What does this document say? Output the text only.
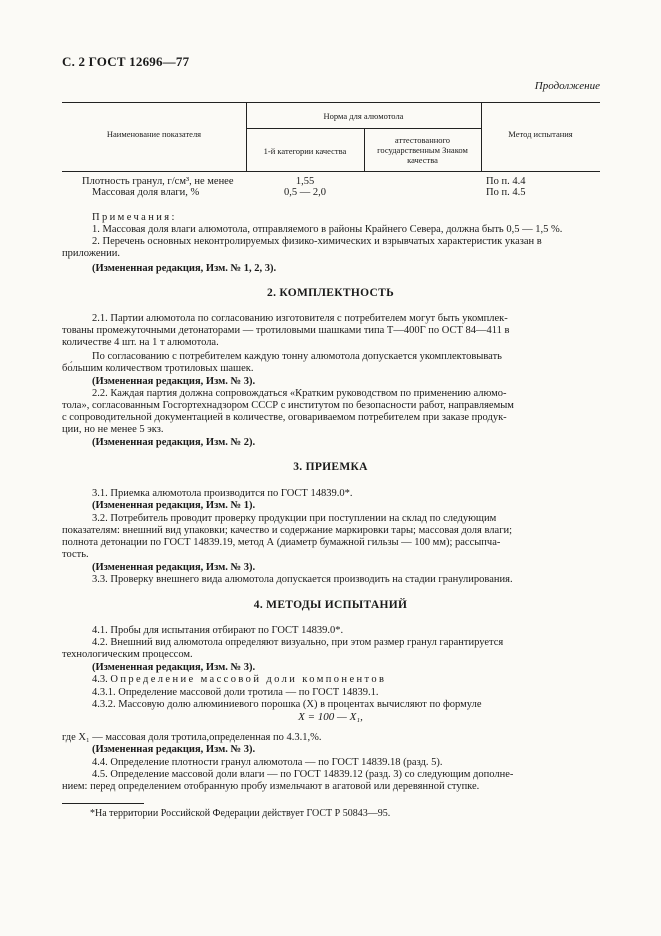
С. 2 ГОСТ 12696—77
Продолжение
Наименование показателя
Норма для алюмотола
1-й категории качества
аттестованного
государственным Знаком
качества
Метод испытания
Плотность гранул, г/см³, не менее	1,55	По п. 4.4
Массовая доля влаги, %	0,5 — 2,0	По п. 4.5
Примечания:
1. Массовая доля влаги алюмотола, отправляемого в районы Крайнего Севера, должна быть 0,5 — 1,5 %.
2. Перечень основных неконтролируемых физико-химических и взрывчатых характеристик указан в
приложении.
(Измененная редакция, Изм. № 1, 2, 3).
2. КОМПЛЕКТНОСТЬ
2.1. Партии алюмотола по согласованию изготовителя с потребителем могут быть укомплек-
тованы промежуточными детонаторами — тротиловыми шашками типа Т—400Г по ОСТ 84—411 в
количестве 4 шт. на 1 т алюмотола.
По согласованию с потребителем каждую тонну алюмотола допускается укомплектовывать
бо́льшим количеством тротиловых шашек.
(Измененная редакция, Изм. № 3).
2.2. Каждая партия должна сопровождаться «Кратким руководством по применению алюмо-
тола», согласованным Госгортехнадзором СССР с институтом по безопасности работ, направляемым
с сопроводительной документацией в количестве, оговариваемом потребителем при заказе продук-
ции, но не менее 5 экз.
(Измененная редакция, Изм. № 2).
3. ПРИЕМКА
3.1. Приемка алюмотола производится по ГОСТ 14839.0*.
(Измененная редакция, Изм. № 1).
3.2. Потребитель проводит проверку продукции при поступлении на склад по следующим
показателям: внешний вид упаковки; качество и содержание маркировки тары; массовая доля влаги;
полнота детонации по ГОСТ 14839.19, метод А (диаметр бумажной гильзы — 100 мм); рассыпча-
тость.
(Измененная редакция, Изм. № 3).
3.3. Проверку внешнего вида алюмотола допускается производить на стадии гранулирования.
4. МЕТОДЫ ИСПЫТАНИЙ
4.1. Пробы для испытания отбирают по ГОСТ 14839.0*.
4.2. Внешний вид алюмотола определяют визуально, при этом размер гранул гарантируется
технологическим процессом.
(Измененная редакция, Изм. № 3).
4.3. Определение массовой доли компонентов
4.3.1. Определение массовой доли тротила — по ГОСТ 14839.1.
4.3.2. Массовую долю алюминиевого порошка (X) в процентах вычисляют по формуле
X = 100 — X₁,
где X₁ — массовая доля тротила,определенная по 4.3.1,%.
(Измененная редакция, Изм. № 3).
4.4. Определение плотности гранул алюмотола — по ГОСТ 14839.18 (разд. 5).
4.5. Определение массовой доли влаги — по ГОСТ 14839.12 (разд. 3) со следующим дополне-
нием: перед определением отобранную пробу измельчают в агатовой или деревянной ступке.
*На территории Российской Федерации действует ГОСТ Р 50843—95.
